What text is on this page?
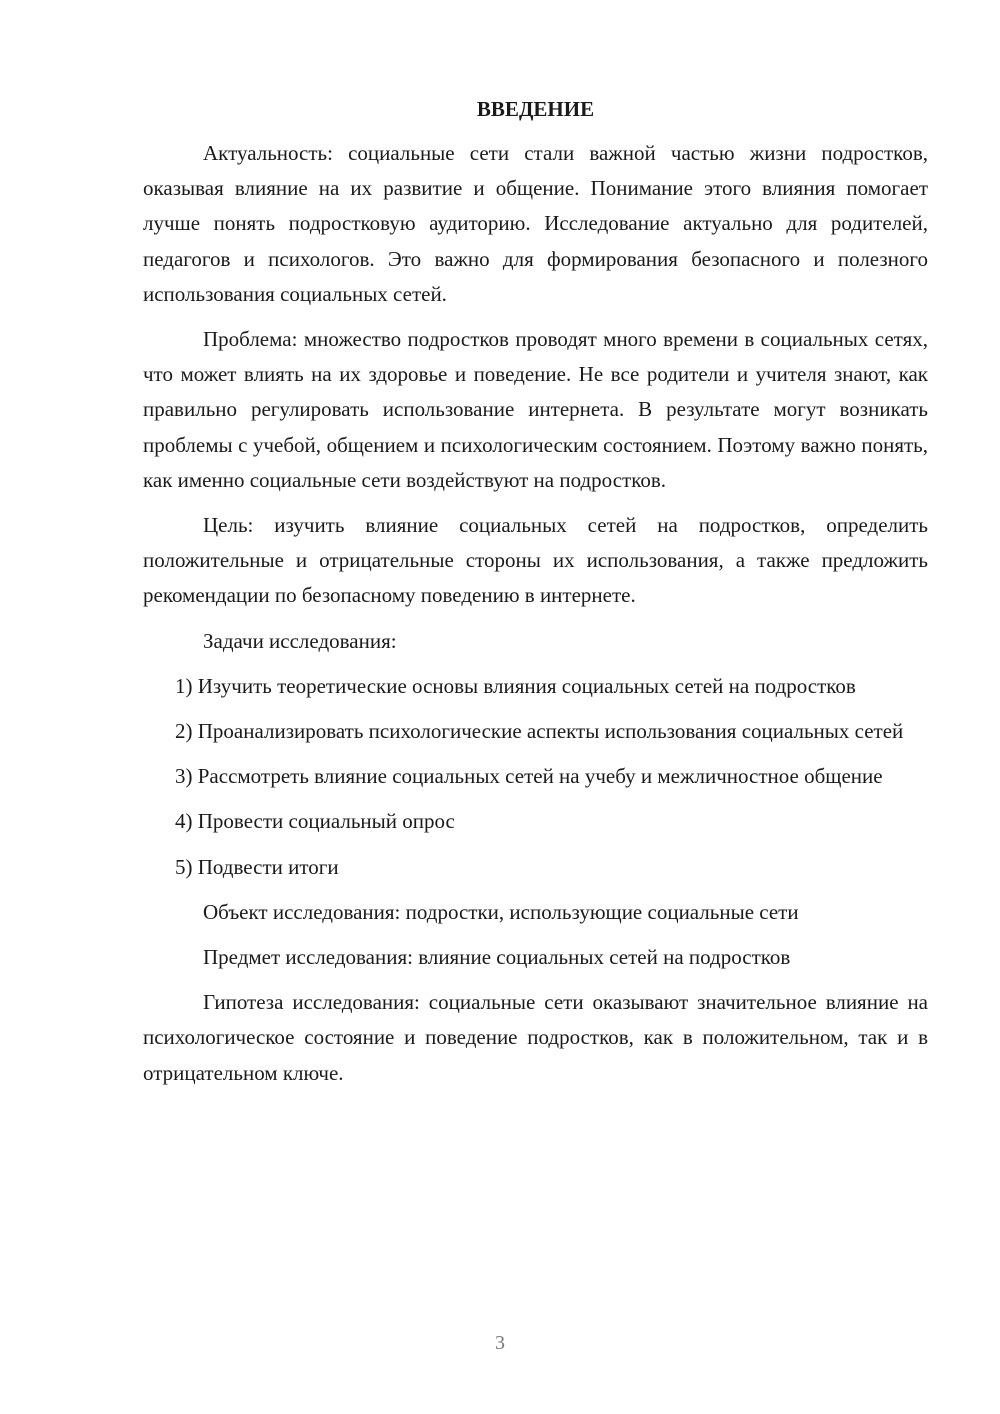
ВВЕДЕНИЕ

Актуальность: социальные сети стали важной частью жизни подростков, оказывая влияние на их развитие и общение. Понимание этого влияния помогает лучше понять подростковую аудиторию. Исследование актуально для родителей, педагогов и психологов. Это важно для формирования безопасного и полезного использования социальных сетей.

Проблема: множество подростков проводят много времени в социальных сетях, что может влиять на их здоровье и поведение. Не все родители и учителя знают, как правильно регулировать использование интернета. В результате могут возникать проблемы с учебой, общением и психологическим состоянием. Поэтому важно понять, как именно социальные сети воздействуют на подростков.

Цель: изучить влияние социальных сетей на подростков, определить положительные и отрицательные стороны их использования, а также предложить рекомендации по безопасному поведению в интернете.

Задачи исследования:

1) Изучить теоретические основы влияния социальных сетей на подростков

2) Проанализировать психологические аспекты использования социальных сетей

3) Рассмотреть влияние социальных сетей на учебу и межличностное общение

4) Провести социальный опрос

5) Подвести итоги

Объект исследования: подростки, использующие социальные сети

Предмет исследования: влияние социальных сетей на подростков

Гипотеза исследования: социальные сети оказывают значительное влияние на психологическое состояние и поведение подростков, как в положительном, так и в отрицательном ключе.

3
